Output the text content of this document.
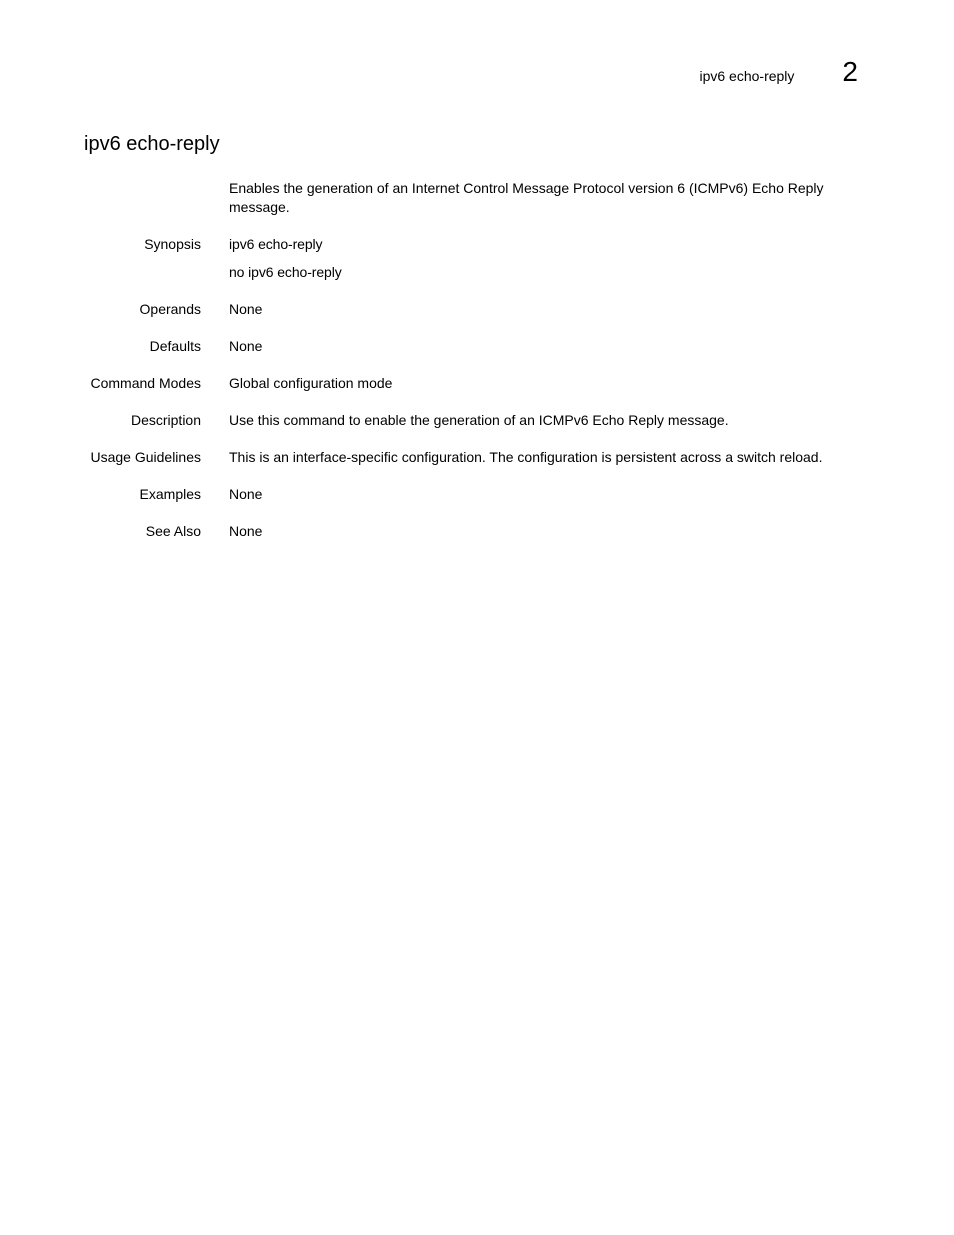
ipv6 echo-reply 2
ipv6 echo-reply
Enables the generation of an Internet Control Message Protocol version 6 (ICMPv6) Echo Reply message.
Synopsis ipv6 echo-reply
no ipv6 echo-reply
Operands None
Defaults None
Command Modes Global configuration mode
Description Use this command to enable the generation of an ICMPv6 Echo Reply message.
Usage Guidelines This is an interface-specific configuration. The configuration is persistent across a switch reload.
Examples None
See Also None
